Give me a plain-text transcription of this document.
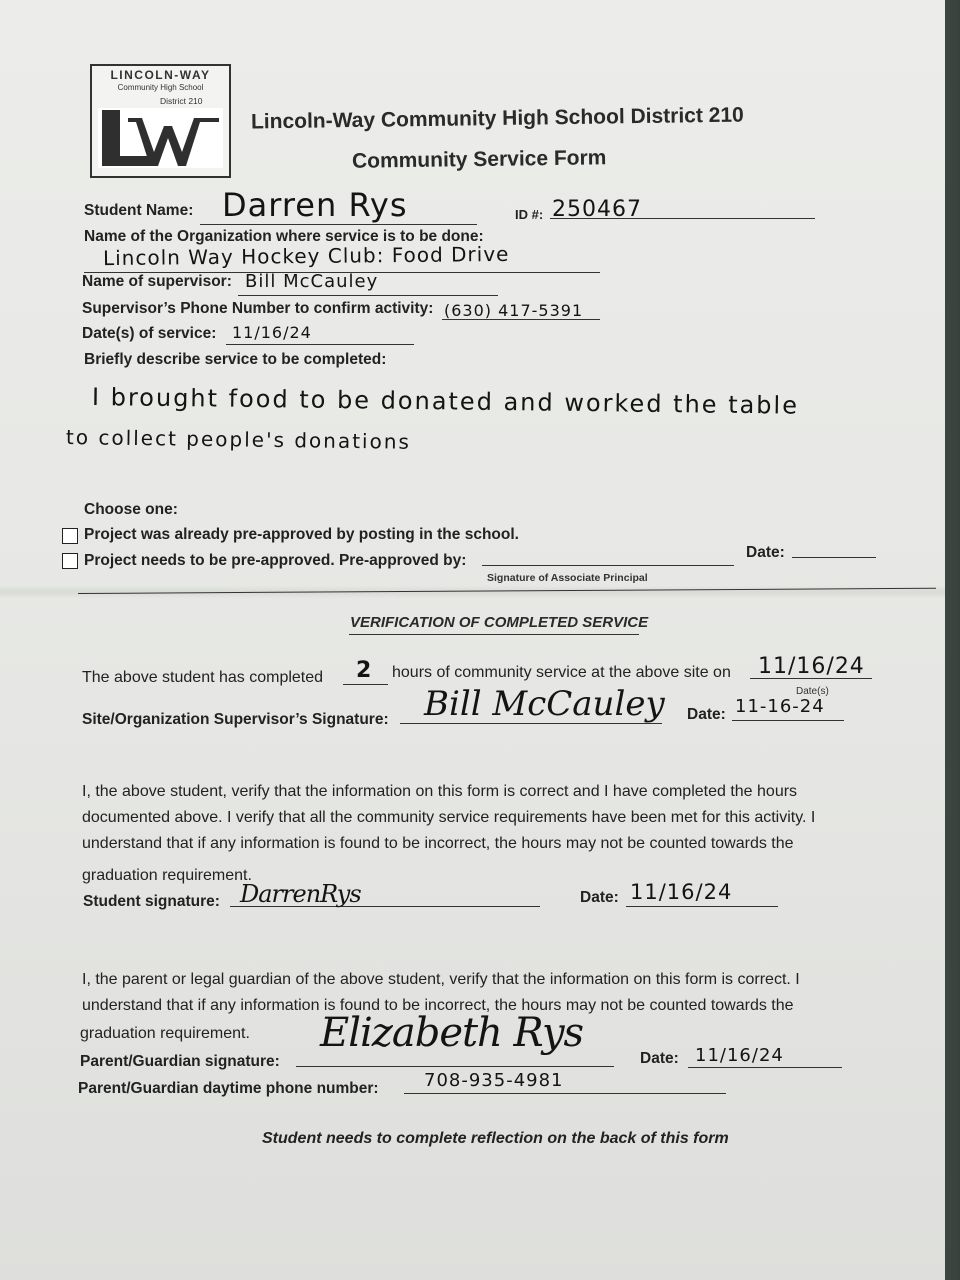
LINCOLN-WAY
Community High School
District 210
Lincoln-Way Community High School District 210
Community Service Form
Student Name: Darren Rys	ID #: 250467
Name of the Organization where service is to be done:
Lincoln Way Hockey Club: Food Drive
Name of supervisor: Bill McCauley
Supervisor’s Phone Number to confirm activity: (630) 417-5391
Date(s) of service: 11/16/24
Briefly describe service to be completed:
I brought food to be donated and worked the table
to collect people's donations
Choose one:
Project was already pre-approved by posting in the school.
Project needs to be pre-approved. Pre-approved by:	Date:
Signature of Associate Principal
VERIFICATION OF COMPLETED SERVICE
The above student has completed 2 hours of community service at the above site on 11/16/24
Date(s)
Site/Organization Supervisor’s Signature: Bill McCauley Date: 11-16-24
I, the above student, verify that the information on this form is correct and I have completed the hours
documented above. I verify that all the community service requirements have been met for this activity. I
understand that if any information is found to be incorrect, the hours may not be counted towards the
graduation requirement.
Student signature: DarrenRys	Date: 11/16/24
I, the parent or legal guardian of the above student, verify that the information on this form is correct. I
understand that if any information is found to be incorrect, the hours may not be counted towards the
graduation requirement.
Parent/Guardian signature:
Elizabeth Rys
Date: 11/16/24
Parent/Guardian daytime phone number:	708-935-4981
Student needs to complete reflection on the back of this form
